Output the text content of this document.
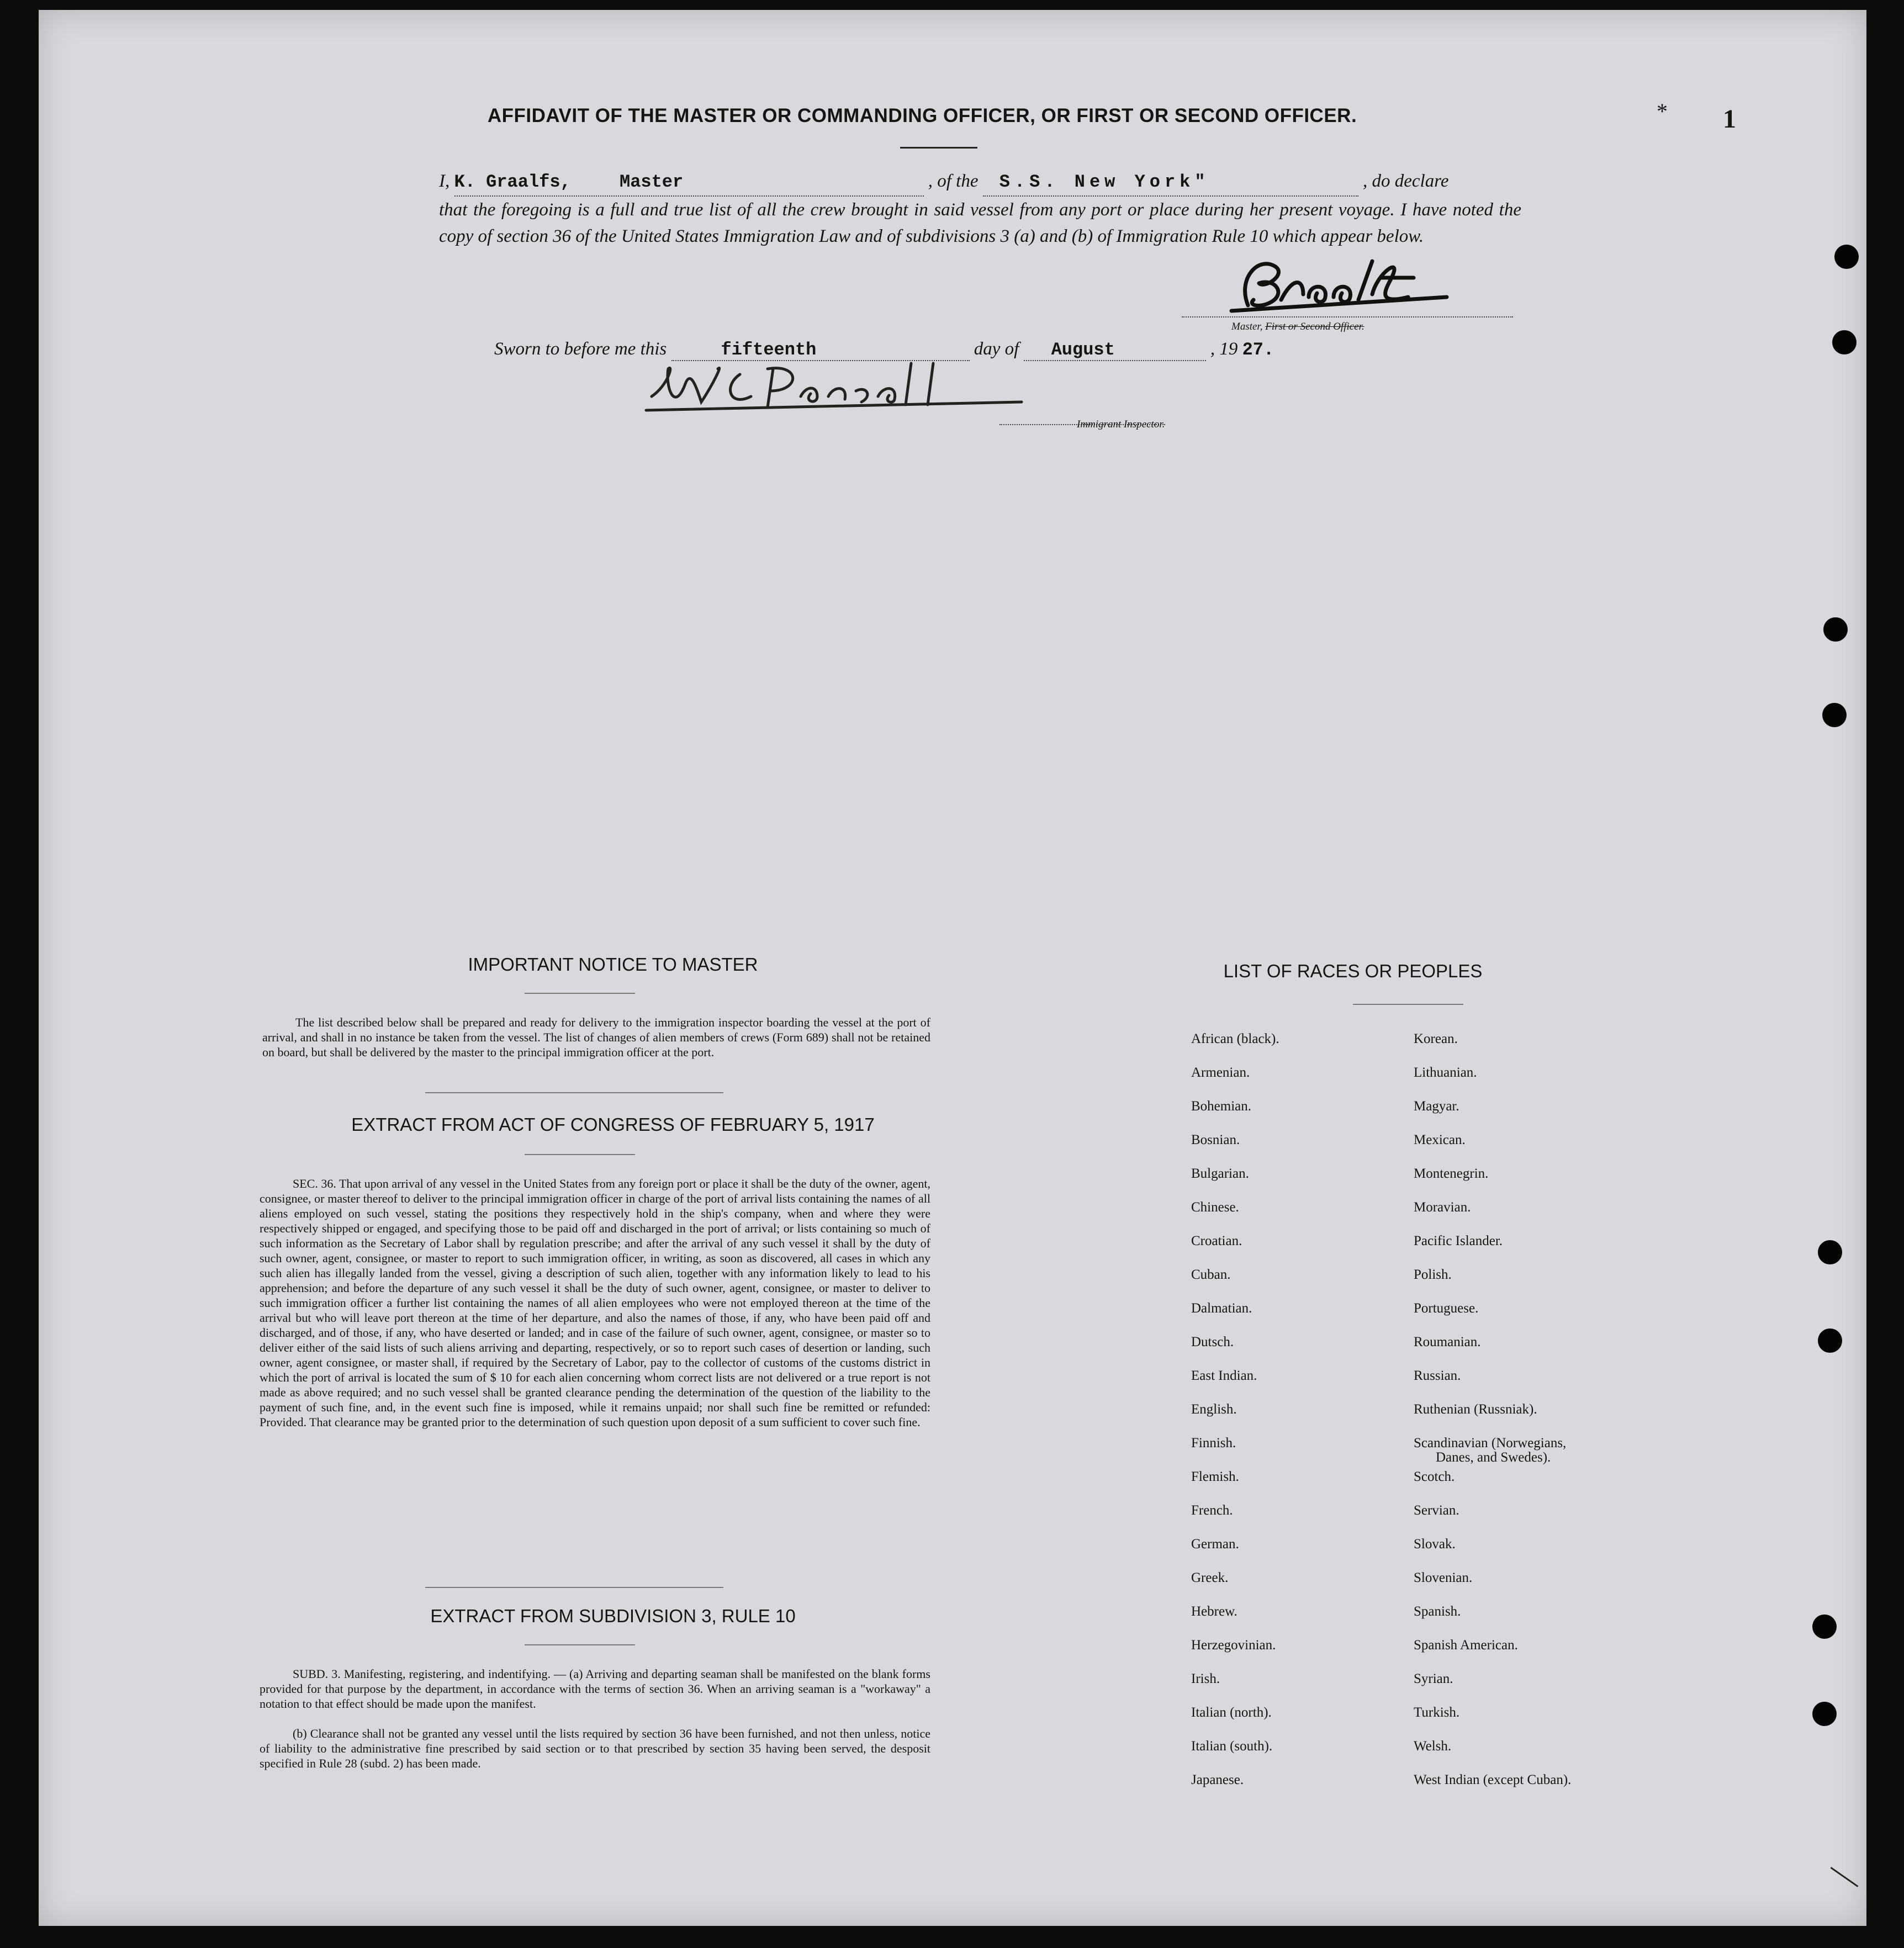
AFFIDAVIT OF THE MASTER OR COMMANDING OFFICER, OR FIRST OR SECOND OFFICER.	* 1
I, K. Graalfs,	Master	, of the S.S. New York"	, do declare
that the foregoing is a full and true list of all the crew brought in said vessel from any port or place during her present voyage. I have noted the copy of section 36 of the United States Immigration Law and of subdivisions 3 (a) and (b) of Immigration Rule 10 which appear below.
Master, First or Second Officer.
Sworn to before me this	fifteenth	day of August	, 19 27.
Immigrant Inspector.
IMPORTANT NOTICE TO MASTER
The list described below shall be prepared and ready for delivery to the immigration inspector boarding the vessel at the port of arrival, and shall in no instance be taken from the vessel. The list of changes of alien members of crews (Form 689) shall not be retained on board, but shall be delivered by the master to the principal immigration officer at the port.
EXTRACT FROM ACT OF CONGRESS OF FEBRUARY 5, 1917
SEC. 36. That upon arrival of any vessel in the United States from any foreign port or place it shall be the duty of the owner, agent, consignee, or master thereof to deliver to the principal immigration officer in charge of the port of arrival lists containing the names of all aliens employed on such vessel, stating the positions they respectively hold in the ship's company, when and where they were respectively shipped or engaged, and specifying those to be paid off and discharged in the port of arrival; or lists containing so much of such information as the Secretary of Labor shall by regulation prescribe; and after the arrival of any such vessel it shall by the duty of such owner, agent, consignee, or master to report to such immigration officer, in writing, as soon as discovered, all cases in which any such alien has illegally landed from the vessel, giving a description of such alien, together with any information likely to lead to his apprehension; and before the departure of any such vessel it shall be the duty of such owner, agent, consignee, or master to deliver to such immigration officer a further list containing the names of all alien employees who were not employed thereon at the time of the arrival but who will leave port thereon at the time of her departure, and also the names of those, if any, who have been paid off and discharged, and of those, if any, who have deserted or landed; and in case of the failure of such owner, agent, consignee, or master so to deliver either of the said lists of such aliens arriving and departing, respectively, or so to report such cases of desertion or landing, such owner, agent consignee, or master shall, if required by the Secretary of Labor, pay to the collector of customs of the customs district in which the port of arrival is located the sum of $ 10 for each alien concerning whom correct lists are not delivered or a true report is not made as above required; and no such vessel shall be granted clearance pending the determination of the question of the liability to the payment of such fine, and, in the event such fine is imposed, while it remains unpaid; nor shall such fine be remitted or refunded: Provided. That clearance may be granted prior to the determination of such question upon deposit of a sum sufficient to cover such fine.
EXTRACT FROM SUBDIVISION 3, RULE 10
SUBD. 3. Manifesting, registering, and indentifying. — (a) Arriving and departing seaman shall be manifested on the blank forms provided for that purpose by the department, in accordance with the terms of section 36. When an arriving seaman is a "workaway" a notation to that effect should be made upon the manifest.
(b) Clearance shall not be granted any vessel until the lists required by section 36 have been furnished, and not then unless, notice of liability to the administrative fine prescribed by said section or to that prescribed by section 35 having been served, the desposit specified in Rule 28 (subd. 2) has been made.
LIST OF RACES OR PEOPLES
African (black).
Armenian.
Bohemian.
Bosnian.
Bulgarian.
Chinese.
Croatian.
Cuban.
Dalmatian.
Dutsch.
East Indian.
English.
Finnish.
Flemish.
French.
German.
Greek.
Hebrew.
Herzegovinian.
Irish.
Italian (north).
Italian (south).
Japanese.
Korean.
Lithuanian.
Magyar.
Mexican.
Montenegrin.
Moravian.
Pacific Islander.
Polish.
Portuguese.
Roumanian.
Russian.
Ruthenian (Russniak).
Scandinavian (Norwegians,
Danes, and Swedes).
Scotch.
Servian.
Slovak.
Slovenian.
Spanish.
Spanish American.
Syrian.
Turkish.
Welsh.
West Indian (except Cuban).
